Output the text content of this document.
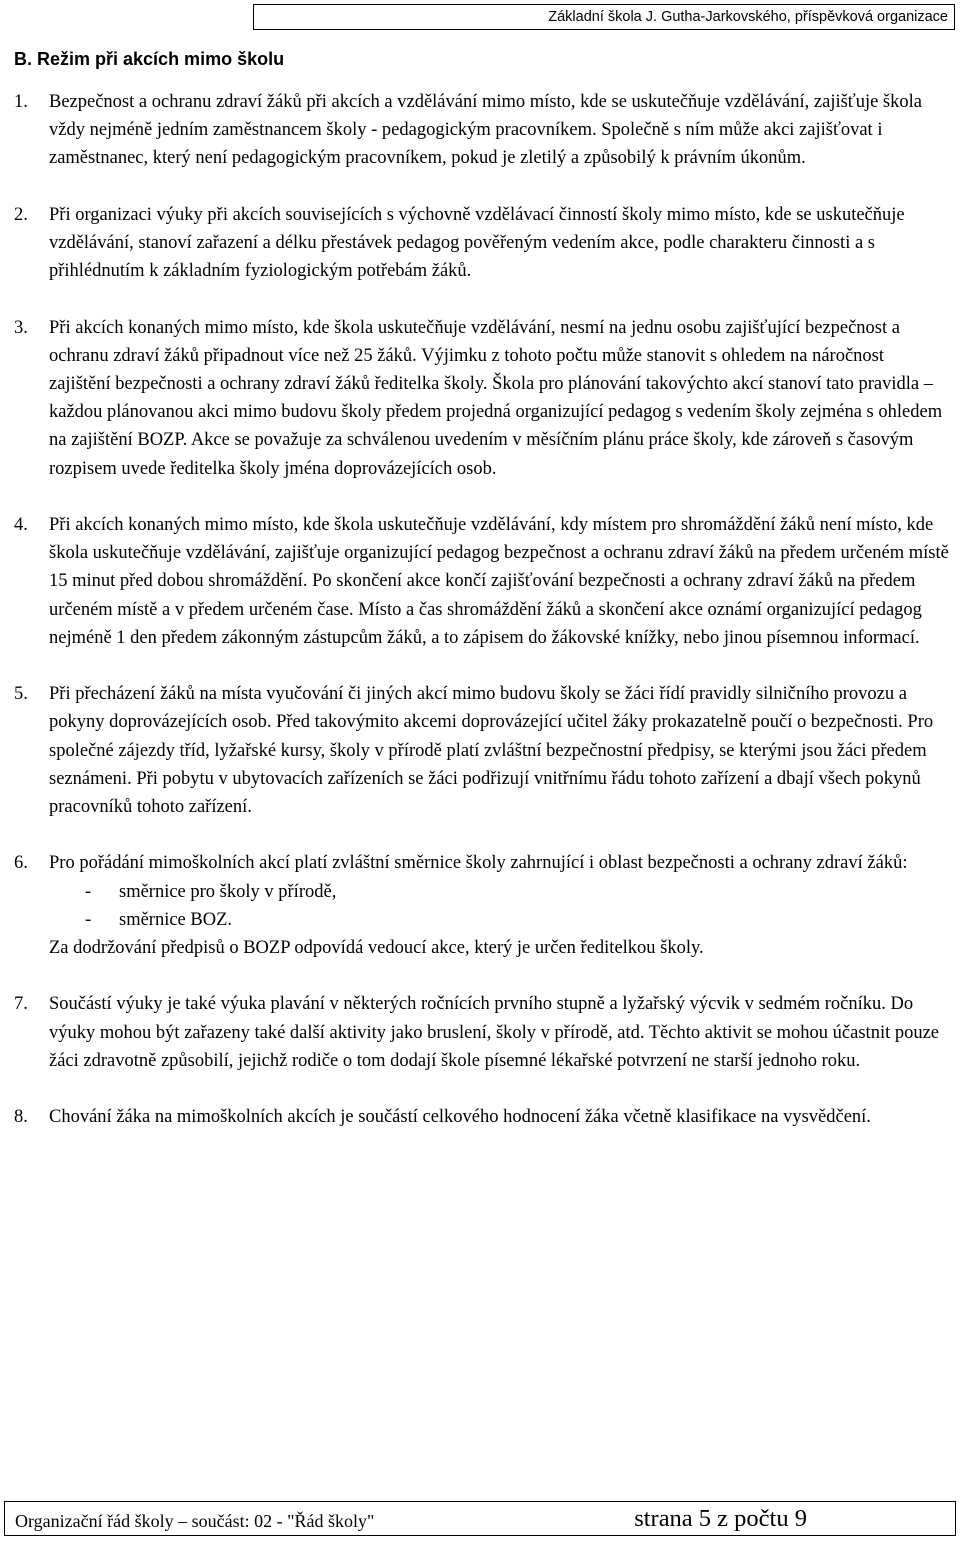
Základní škola J. Gutha-Jarkovského, příspěvková organizace
B. Režim při akcích mimo školu
1. Bezpečnost a ochranu zdraví žáků při akcích a vzdělávání mimo místo, kde se uskutečňuje vzdělávání, zajišťuje škola vždy nejméně jedním zaměstnancem školy - pedagogickým pracovníkem. Společně s ním může akci zajišťovat i zaměstnanec, který není pedagogickým pracovníkem, pokud je zletilý a způsobilý k právním úkonům.
2. Při organizaci výuky při akcích souvisejících s výchovně vzdělávací činností školy mimo místo, kde se uskutečňuje vzdělávání, stanoví zařazení a délku přestávek pedagog pověřeným vedením akce, podle charakteru činnosti a s přihlédnutím k základním fyziologickým potřebám žáků.
3. Při akcích konaných mimo místo, kde škola uskutečňuje vzdělávání, nesmí na jednu osobu zajišťující bezpečnost a ochranu zdraví žáků připadnout více než 25 žáků. Výjimku z tohoto počtu může stanovit s ohledem na náročnost zajištění bezpečnosti a ochrany zdraví žáků ředitelka školy. Škola pro plánování takovýchto akcí stanoví tato pravidla – každou plánovanou akci mimo budovu školy předem projedná organizující pedagog s vedením školy zejména s ohledem na zajištění BOZP. Akce se považuje za schválenou uvedením v měsíčním plánu práce školy, kde zároveň s časovým rozpisem uvede ředitelka školy jména doprovázejících osob.
4. Při akcích konaných mimo místo, kde škola uskutečňuje vzdělávání, kdy místem pro shromáždění žáků není místo, kde škola uskutečňuje vzdělávání, zajišťuje organizující pedagog bezpečnost a ochranu zdraví žáků na předem určeném místě 15 minut před dobou shromáždění. Po skončení akce končí zajišťování bezpečnosti a ochrany zdraví žáků na předem určeném místě a v předem určeném čase. Místo a čas shromáždění žáků a skončení akce oznámí organizující pedagog nejméně 1 den předem zákonným zástupcům žáků, a to zápisem do žákovské knížky, nebo jinou písemnou informací.
5. Při přecházení žáků na místa vyučování či jiných akcí mimo budovu školy se žáci řídí pravidly silničního provozu a pokyny doprovázejících osob. Před takovýmito akcemi doprovázející učitel žáky prokazatelně poučí o bezpečnosti. Pro společné zájezdy tříd, lyžařské kursy, školy v přírodě platí zvláštní bezpečnostní předpisy, se kterými jsou žáci předem seznámeni. Při pobytu v ubytovacích zařízeních se žáci podřizují vnitřnímu řádu tohoto zařízení a dbají všech pokynů pracovníků tohoto zařízení.
6. Pro pořádání mimoškolních akcí platí zvláštní směrnice školy zahrnující i oblast bezpečnosti a ochrany zdraví žáků:
- směrnice pro školy v přírodě,
- směrnice BOZ.
Za dodržování předpisů o BOZP odpovídá vedoucí akce, který je určen ředitelkou školy.
7. Součástí výuky je také výuka plavání v některých ročnících prvního stupně a lyžařský výcvik v sedmém ročníku. Do výuky mohou být zařazeny také další aktivity jako bruslení, školy v přírodě, atd. Těchto aktivit se mohou účastnit pouze žáci zdravotně způsobilí, jejichž rodiče o tom dodají škole písemné lékařské potvrzení ne starší jednoho roku.
8. Chování žáka na mimoškolních akcích je součástí celkového hodnocení žáka včetně klasifikace na vysvědčení.
Organizační řád školy – součást: 02 - "Řád školy"	strana 5 z počtu 9
